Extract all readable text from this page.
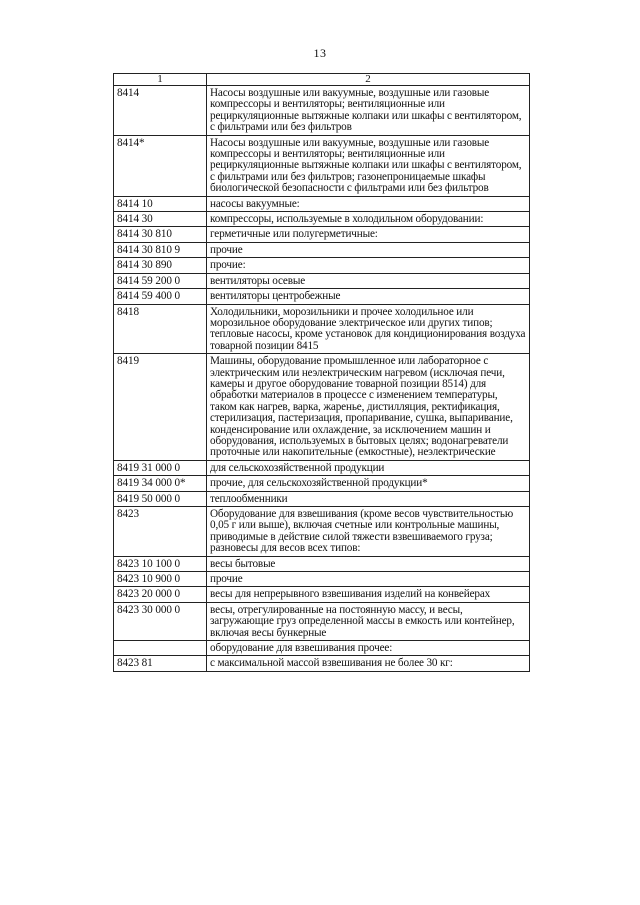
13
1	2
8414	Насосы воздушные или вакуумные, воздушные или газовые компрессоры и вентиляторы; вентиляционные или рециркуляционные вытяжные колпаки или шкафы с вентилятором, с фильтрами или без фильтров
8414*	Насосы воздушные или вакуумные, воздушные или газовые компрессоры и вентиляторы; вентиляционные или рециркуляционные вытяжные колпаки или шкафы с вентилятором, с фильтрами или без фильтров; газонепроницаемые шкафы биологической безопасности с фильтрами или без фильтров
8414 10	насосы вакуумные:
8414 30	компрессоры, используемые в холодильном оборудовании:
8414 30 810	герметичные или полугерметичные:
8414 30 810 9	прочие
8414 30 890	прочие:
8414 59 200 0	вентиляторы осевые
8414 59 400 0	вентиляторы центробежные
8418	Холодильники, морозильники и прочее холодильное или морозильное оборудование электрическое или других типов; тепловые насосы, кроме установок для кондиционирования воздуха товарной позиции 8415
8419	Машины, оборудование промышленное или лабораторное с электрическим или неэлектрическим нагревом (исключая печи, камеры и другое оборудование товарной позиции 8514) для обработки материалов в процессе с изменением температуры, таком как нагрев, варка, жаренье, дистилляция, ректификация, стерилизация, пастеризация, пропаривание, сушка, выпаривание, конденсирование или охлаждение, за исключением машин и оборудования, используемых в бытовых целях; водонагреватели проточные или накопительные (емкостные), неэлектрические
8419 31 000 0	для сельскохозяйственной продукции
8419 34 000 0*	прочие, для сельскохозяйственной продукции*
8419 50 000 0	теплообменники
8423	Оборудование для взвешивания (кроме весов чувствительностью 0,05 г или выше), включая счетные или контрольные машины, приводимые в действие силой тяжести взвешиваемого груза; разновесы для весов всех типов:
8423 10 100 0	весы бытовые
8423 10 900 0	прочие
8423 20 000 0	весы для непрерывного взвешивания изделий на конвейерах
8423 30 000 0	весы, отрегулированные на постоянную массу, и весы, загружающие груз определенной массы в емкость или контейнер, включая весы бункерные
	оборудование для взвешивания прочее:
8423 81	с максимальной массой взвешивания не более 30 кг:
